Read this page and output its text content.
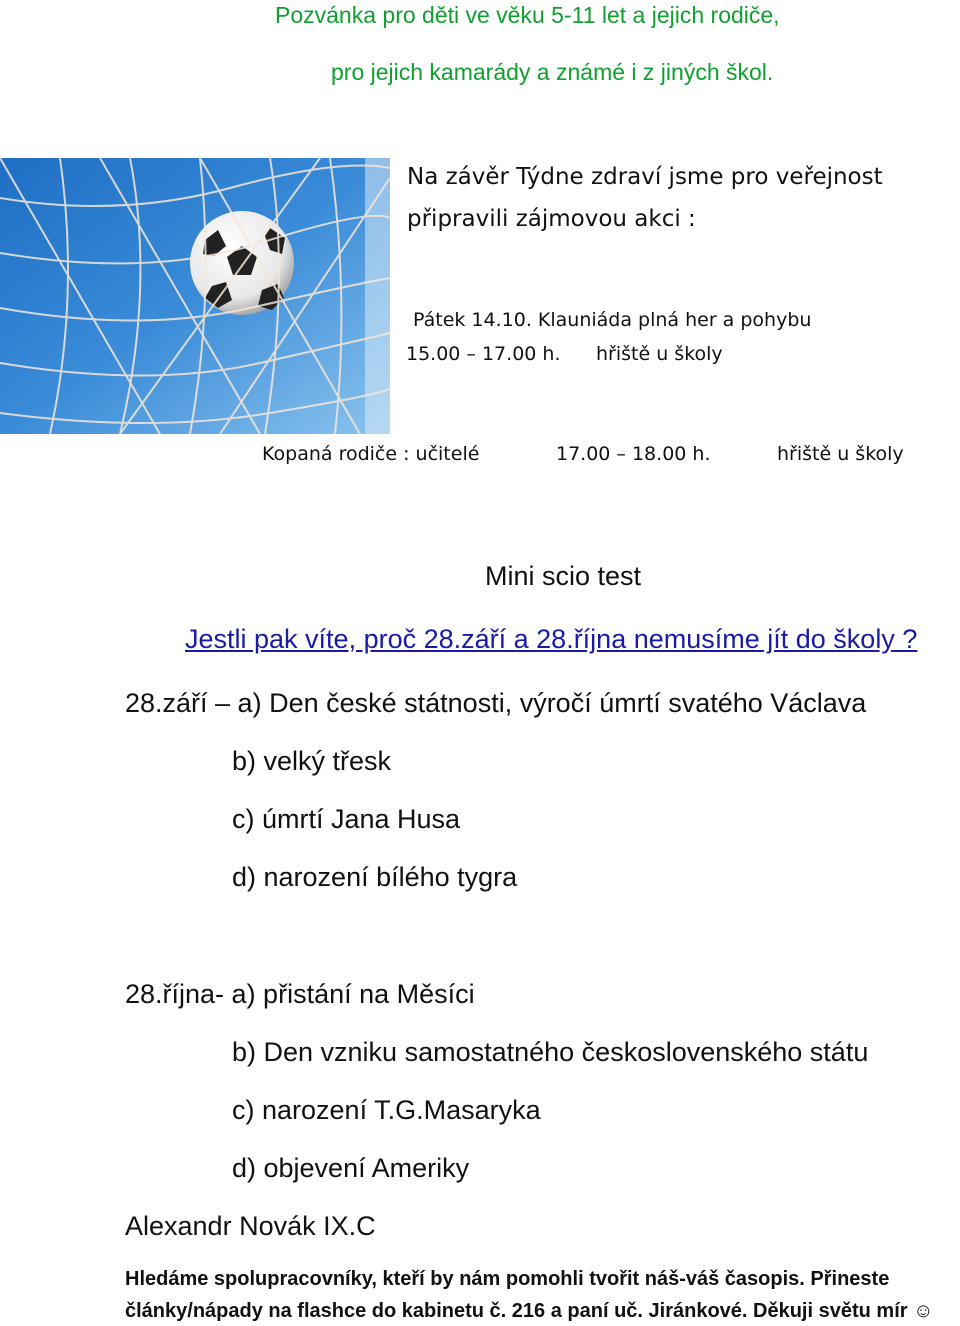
Pozvánka pro děti ve věku 5-11 let a jejich rodiče,
pro jejich kamarády a známé i z jiných škol.
Na závěr Týdne zdraví jsme pro veřejnost
připravili zájmovou akci :
Pátek 14.10. Klauniáda plná her a pohybu
15.00 – 17.00 h. hřiště u školy
Kopaná rodiče : učitelé	17.00 – 18.00 h.	hřiště u školy
Mini scio test
Jestli pak víte, proč 28.září a 28.října nemusíme jít do školy ?
28.září – a) Den české státnosti, výročí úmrtí svatého Václava
b) velký třesk
c) úmrtí Jana Husa
d) narození bílého tygra
28.října- a) přistání na Měsíci
b) Den vzniku samostatného československého státu
c) narození T.G.Masaryka
d) objevení Ameriky
Alexandr Novák IX.C
Hledáme spolupracovníky, kteří by nám pomohli tvořit náš-váš časopis. Přineste
články/nápady na flashce do kabinetu č. 216 a paní uč. Jiránkové. Děkuji světu mír ☺
